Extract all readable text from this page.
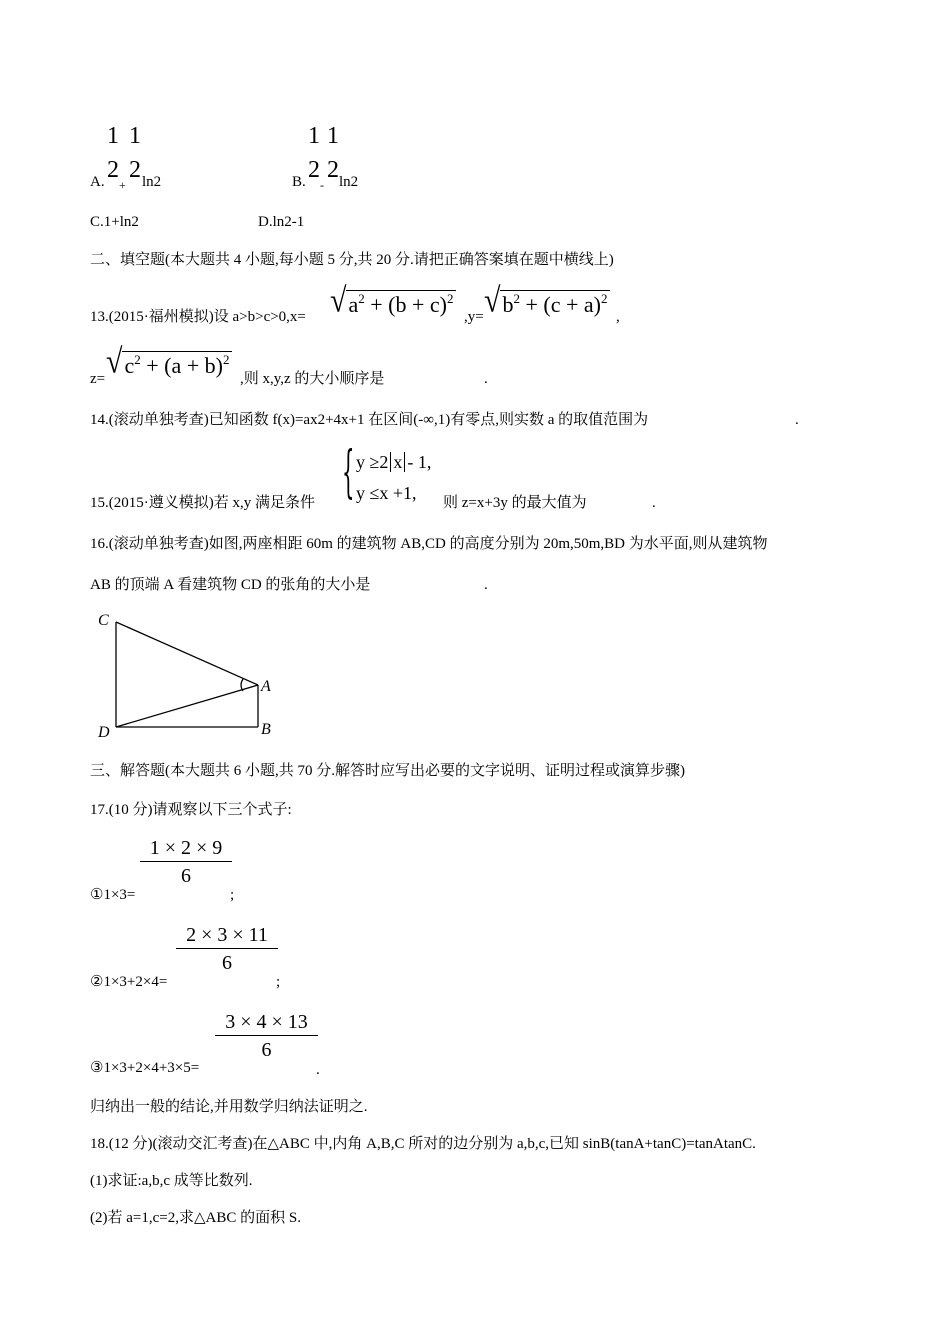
A.
1
2
+
1
2 ln2	B.
1
2
-
1
2 ln2
C.1+ln2	D.ln2-1
二、填空题(本大题共 4 小题,每小题 5 分,共 20 分.请把正确答案填在题中横线上)
13.(2015·福州模拟)设 a>b>c>0,x= √ $a^2 + (b + c)^2$
,y= √ $b^2 + (c + a)^2$
,
z= √ $c^2 + (a + b)^2$
,则 x,y,z 的大小顺序是	.
14.(滚动单独考查)已知函数 f(x)=ax2+4x+1 在区间(-∞,1)有零点,则实数 a 的取值范围为	.
15.(2015·遵义模拟)若 x,y 满足条件 { y ≥2 x - 1,
y ≤x +1, 则 z=x+3y 的最大值为	.
16.(滚动单独考查)如图,两座相距 60m 的建筑物 AB,CD 的高度分别为 20m,50m,BD 为水平面,则从建筑物
AB 的顶端 A 看建筑物 CD 的张角的大小是	.
C
A
D	B
三、解答题(本大题共 6 小题,共 70 分.解答时应写出必要的文字说明、证明过程或演算步骤)
17.(10 分)请观察以下三个式子:
①1×3=
$\frac{1 \times 2 \times 9}{6}$
;
②1×3+2×4=
$\frac{2 \times 3 \times 11}{6}$
;
③1×3+2×4+3×5=
$\frac{3 \times 4 \times 13}{6}$
.
归纳出一般的结论,并用数学归纳法证明之.
18.(12 分)(滚动交汇考查)在△ABC 中,内角 A,B,C 所对的边分别为 a,b,c,已知 sinB(tanA+tanC)=tanAtanC.
(1)求证:a,b,c 成等比数列.
(2)若 a=1,c=2,求△ABC 的面积 S.
